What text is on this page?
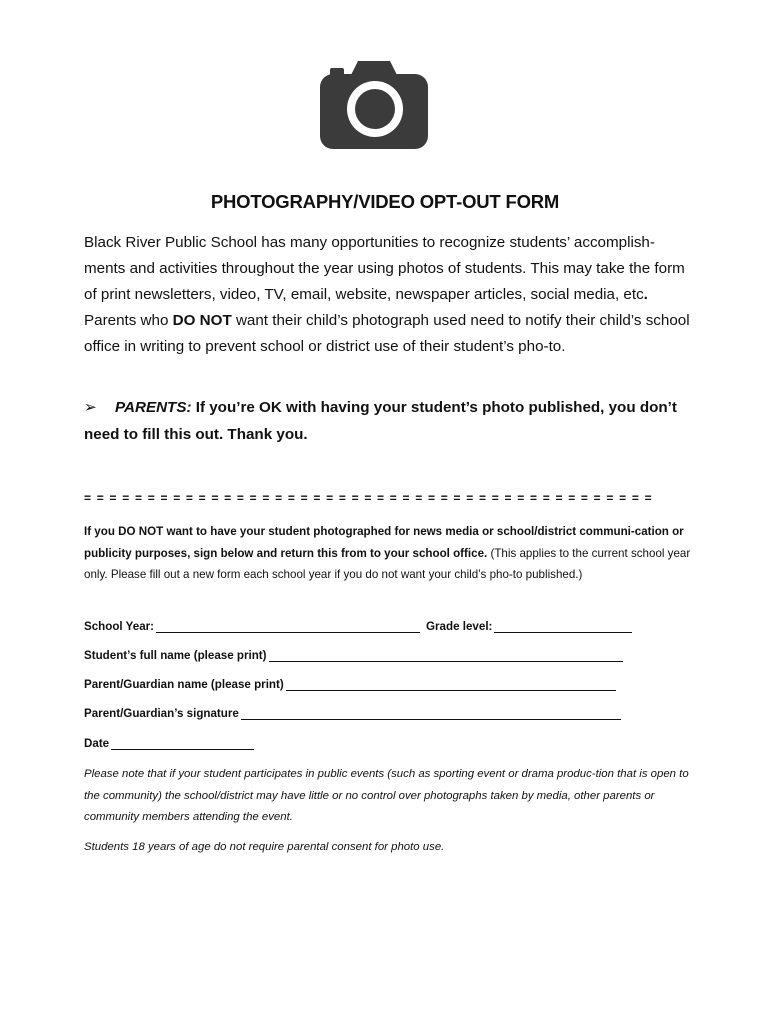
PHOTOGRAPHY/VIDEO OPT-OUT FORM

Black River Public School has many opportunities to recognize students’ accomplish-ments and activities throughout the year using photos of students. This may take the form of print newsletters, video, TV, email, website, newspaper articles, social media, etc. Parents who DO NOT want their child’s photograph used need to notify their child’s school office in writing to prevent school or district use of their student’s pho-to.

➢ PARENTS: If you’re OK with having your student’s photo published, you don’t need to fill this out. Thank you.

= = = = = = = = = = = = = = = = = = = = = = = = = = = = = = = = = = = = = = = = = = = = =

If you DO NOT want to have your student photographed for news media or school/district communi-cation or publicity purposes, sign below and return this from to your school office. (This applies to the current school year only. Please fill out a new form each school year if you do not want your child’s pho-to published.)

School Year:	Grade level:
Student’s full name (please print)
Parent/Guardian name (please print)
Parent/Guardian’s signature
Date

Please note that if your student participates in public events (such as sporting event or drama produc-tion that is open to the community) the school/district may have little or no control over photographs taken by media, other parents or community members attending the event.

Students 18 years of age do not require parental consent for photo use.
